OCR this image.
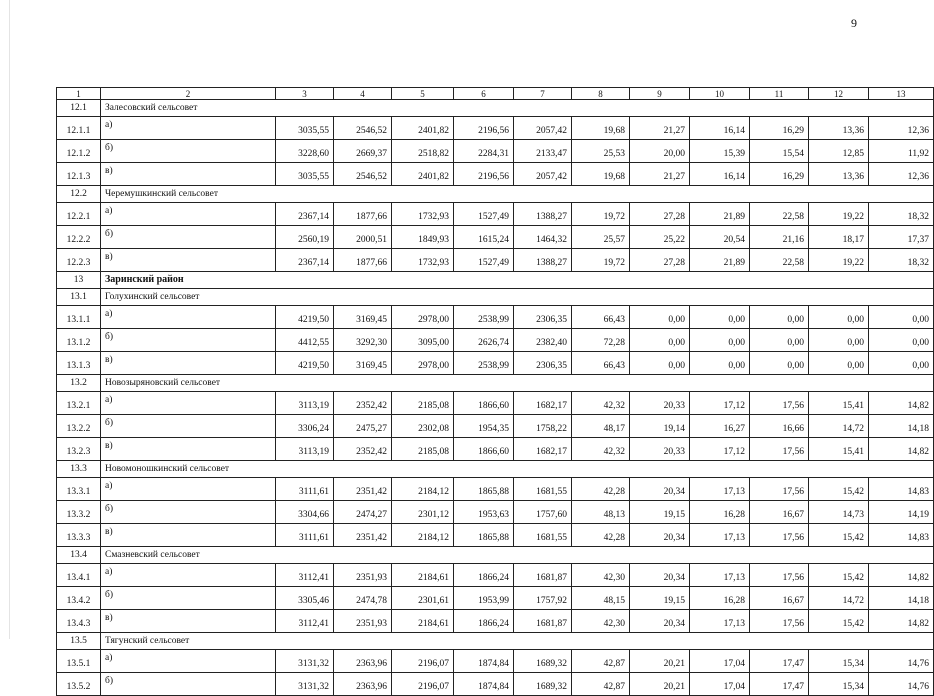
9
1	2	3	4	5	6	7	8	9	10	11	12	13
12.1	Залесовский сельсовет											
12.1.1	а)	3035,55	2546,52	2401,82	2196,56	2057,42	19,68	21,27	16,14	16,29	13,36	12,36
12.1.2	б)	3228,60	2669,37	2518,82	2284,31	2133,47	25,53	20,00	15,39	15,54	12,85	11,92
12.1.3	в)	3035,55	2546,52	2401,82	2196,56	2057,42	19,68	21,27	16,14	16,29	13,36	12,36
12.2	Черемушкинский сельсовет											
12.2.1	а)	2367,14	1877,66	1732,93	1527,49	1388,27	19,72	27,28	21,89	22,58	19,22	18,32
12.2.2	б)	2560,19	2000,51	1849,93	1615,24	1464,32	25,57	25,22	20,54	21,16	18,17	17,37
12.2.3	в)	2367,14	1877,66	1732,93	1527,49	1388,27	19,72	27,28	21,89	22,58	19,22	18,32
13	Заринский район											
13.1	Голухинский сельсовет											
13.1.1	а)	4219,50	3169,45	2978,00	2538,99	2306,35	66,43	0,00	0,00	0,00	0,00	0,00
13.1.2	б)	4412,55	3292,30	3095,00	2626,74	2382,40	72,28	0,00	0,00	0,00	0,00	0,00
13.1.3	в)	4219,50	3169,45	2978,00	2538,99	2306,35	66,43	0,00	0,00	0,00	0,00	0,00
13.2	Новозыряновский сельсовет											
13.2.1	а)	3113,19	2352,42	2185,08	1866,60	1682,17	42,32	20,33	17,12	17,56	15,41	14,82
13.2.2	б)	3306,24	2475,27	2302,08	1954,35	1758,22	48,17	19,14	16,27	16,66	14,72	14,18
13.2.3	в)	3113,19	2352,42	2185,08	1866,60	1682,17	42,32	20,33	17,12	17,56	15,41	14,82
13.3	Новомоношкинский сельсовет											
13.3.1	а)	3111,61	2351,42	2184,12	1865,88	1681,55	42,28	20,34	17,13	17,56	15,42	14,83
13.3.2	б)	3304,66	2474,27	2301,12	1953,63	1757,60	48,13	19,15	16,28	16,67	14,73	14,19
13.3.3	в)	3111,61	2351,42	2184,12	1865,88	1681,55	42,28	20,34	17,13	17,56	15,42	14,83
13.4	Смазневский сельсовет											
13.4.1	а)	3112,41	2351,93	2184,61	1866,24	1681,87	42,30	20,34	17,13	17,56	15,42	14,82
13.4.2	б)	3305,46	2474,78	2301,61	1953,99	1757,92	48,15	19,15	16,28	16,67	14,72	14,18
13.4.3	в)	3112,41	2351,93	2184,61	1866,24	1681,87	42,30	20,34	17,13	17,56	15,42	14,82
13.5	Тягунский сельсовет											
13.5.1	а)	3131,32	2363,96	2196,07	1874,84	1689,32	42,87	20,21	17,04	17,47	15,34	14,76
13.5.2	б)	3131,32	2363,96	2196,07	1874,84	1689,32	42,87	20,21	17,04	17,47	15,34	14,76
